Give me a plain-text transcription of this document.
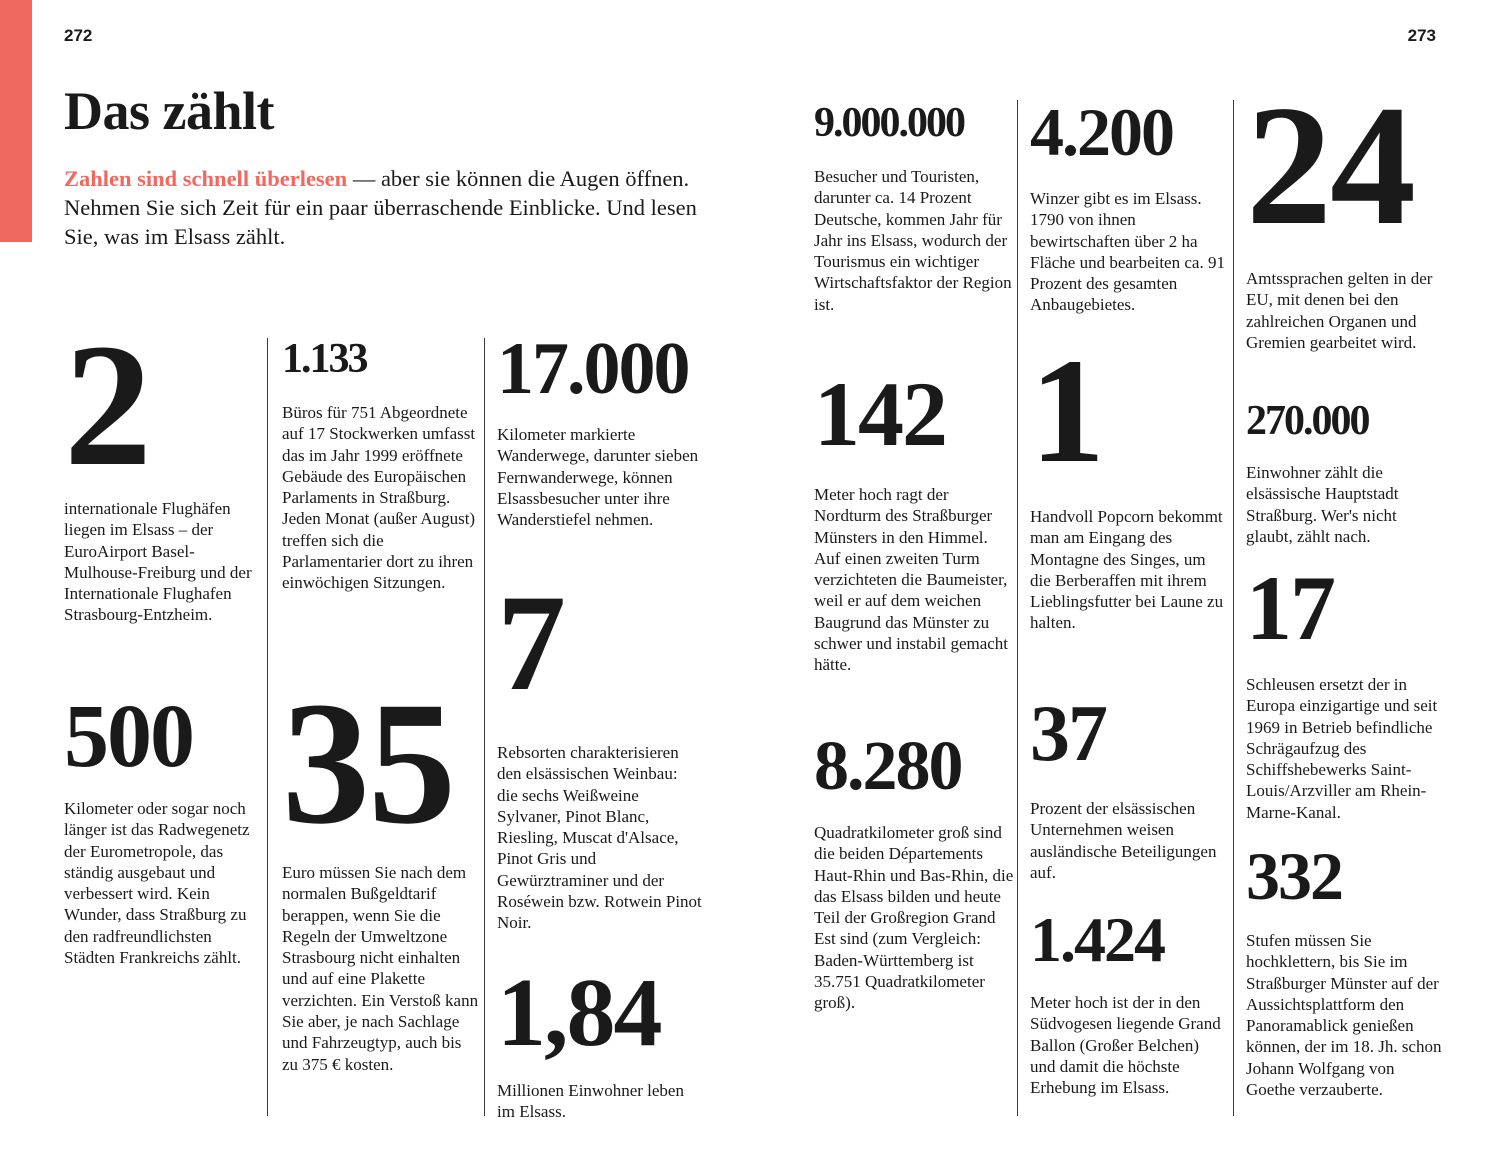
272	273
Das zählt

Zahlen sind schnell überlesen — aber sie können die Augen öffnen. Nehmen Sie sich Zeit für ein paar überraschende Einblicke. Und lesen Sie, was im Elsass zählt.

2

internationale Flughäfen liegen im Elsass – der EuroAirport Basel-Mulhouse-Freiburg und der Internationale Flughafen Strasbourg-Entzheim.

500

Kilometer oder sogar noch länger ist das Radwegenetz der Eurometropole, das ständig ausgebaut und verbessert wird. Kein Wunder, dass Straßburg zu den radfreundlichsten Städten Frankreichs zählt.

1.133

Büros für 751 Abgeordnete auf 17 Stockwerken umfasst das im Jahr 1999 eröffnete Gebäude des Europäischen Parlaments in Straßburg. Jeden Monat (außer August) treffen sich die Parlamentarier dort zu ihren einwöchigen Sitzungen.

35

Euro müssen Sie nach dem normalen Bußgeldtarif berappen, wenn Sie die Regeln der Umweltzone Strasbourg nicht einhalten und auf eine Plakette verzichten. Ein Verstoß kann Sie aber, je nach Sachlage und Fahrzeugtyp, auch bis zu 375 € kosten.

17.000

Kilometer markierte Wanderwege, darunter sieben Fernwanderwege, können Elsassbesucher unter ihre Wanderstiefel nehmen.

7

Rebsorten charakterisieren den elsässischen Weinbau: die sechs Weißweine Sylvaner, Pinot Blanc, Riesling, Muscat d'Alsace, Pinot Gris und Gewürztraminer und der Roséwein bzw. Rotwein Pinot Noir.

1,84

Millionen Einwohner leben im Elsass.

9.000.000

Besucher und Touristen, darunter ca. 14 Prozent Deutsche, kommen Jahr für Jahr ins Elsass, wodurch der Tourismus ein wichtiger Wirtschaftsfaktor der Region ist.

142

Meter hoch ragt der Nordturm des Straßburger Münsters in den Himmel. Auf einen zweiten Turm verzichteten die Baumeister, weil er auf dem weichen Baugrund das Münster zu schwer und instabil gemacht hätte.

8.280

Quadratkilometer groß sind die beiden Départements Haut-Rhin und Bas-Rhin, die das Elsass bilden und heute Teil der Großregion Grand Est sind (zum Vergleich: Baden-Württemberg ist 35.751 Quadratkilometer groß).

4.200

Winzer gibt es im Elsass. 1790 von ihnen bewirtschaften über 2 ha Fläche und bearbeiten ca. 91 Prozent des gesamten Anbaugebietes.

1

Handvoll Popcorn bekommt man am Eingang des Montagne des Singes, um die Berberaffen mit ihrem Lieblingsfutter bei Laune zu halten.

37

Prozent der elsässischen Unternehmen weisen ausländische Beteiligungen auf.

1.424

Meter hoch ist der in den Südvogesen liegende Grand Ballon (Großer Belchen) und damit die höchste Erhebung im Elsass.

24

Amtssprachen gelten in der EU, mit denen bei den zahlreichen Organen und Gremien gearbeitet wird.

270.000

Einwohner zählt die elsässische Hauptstadt Straßburg. Wer's nicht glaubt, zählt nach.

17

Schleusen ersetzt der in Europa einzigartige und seit 1969 in Betrieb befindliche Schrägaufzug des Schiffshebewerks Saint-Louis/Arzviller am Rhein-Marne-Kanal.

332

Stufen müssen Sie hochklettern, bis Sie im Straßburger Münster auf der Aussichtsplattform den Panoramablick genießen können, der im 18. Jh. schon Johann Wolfgang von Goethe verzauberte.
